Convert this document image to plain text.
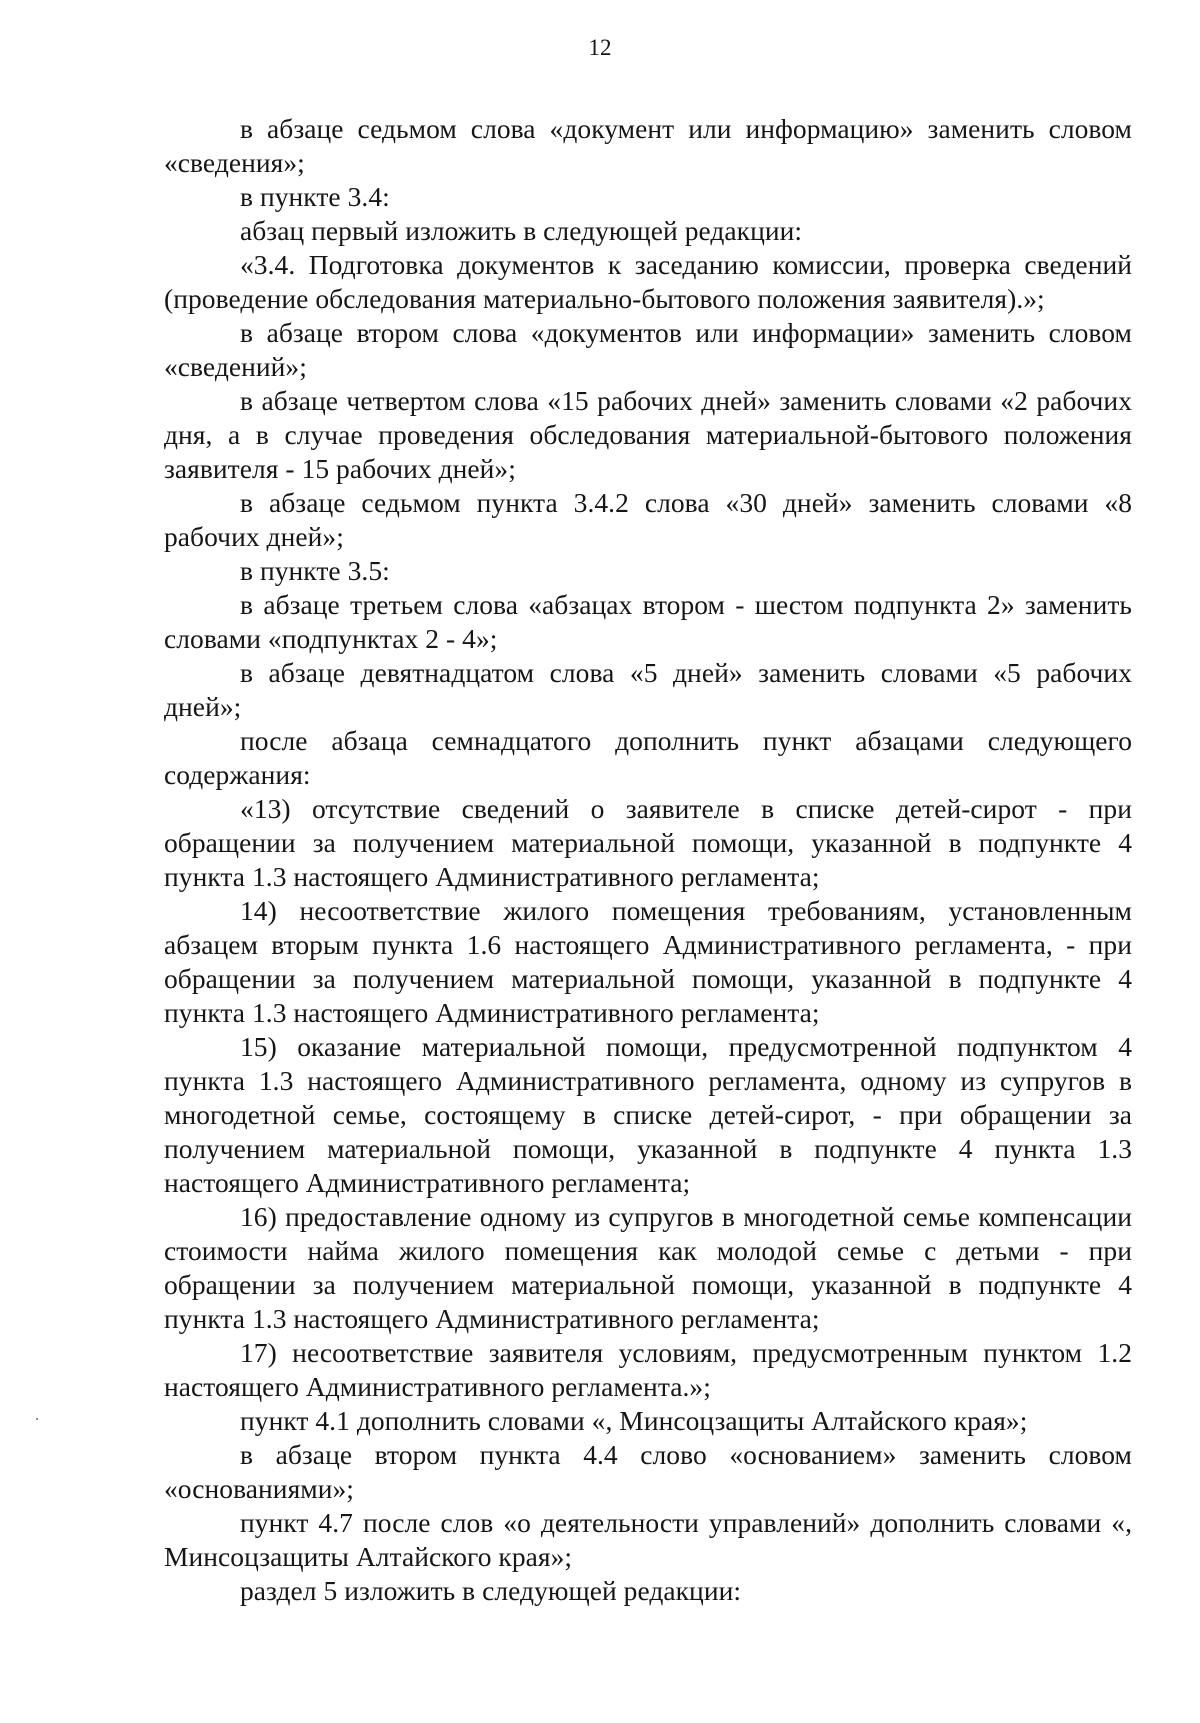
12

в абзаце седьмом слова «документ или информацию» заменить словом «сведения»;

в пункте 3.4:

абзац первый изложить в следующей редакции:

«3.4. Подготовка документов к заседанию комиссии, проверка сведений (проведение обследования материально-бытового положения заявителя).»;

в абзаце втором слова «документов или информации» заменить словом «сведений»;

в абзаце четвертом слова «15 рабочих дней» заменить словами «2 рабочих дня, а в случае проведения обследования материальной-бытового положения заявителя - 15 рабочих дней»;

в абзаце седьмом пункта 3.4.2 слова «30 дней» заменить словами «8 рабочих дней»;

в пункте 3.5:

в абзаце третьем слова «абзацах втором - шестом подпункта 2» заменить словами «подпунктах 2 - 4»;

в абзаце девятнадцатом слова «5 дней» заменить словами «5 рабочих дней»;

после абзаца семнадцатого дополнить пункт абзацами следующего содержания:

«13) отсутствие сведений о заявителе в списке детей-сирот - при обращении за получением материальной помощи, указанной в подпункте 4 пункта 1.3 настоящего Административного регламента;

14) несоответствие жилого помещения требованиям, установленным абзацем вторым пункта 1.6 настоящего Административного регламента, - при обращении за получением материальной помощи, указанной в подпункте 4 пункта 1.3 настоящего Административного регламента;

15) оказание материальной помощи, предусмотренной подпунктом 4 пункта 1.3 настоящего Административного регламента, одному из супругов в многодетной семье, состоящему в списке детей-сирот, - при обращении за получением материальной помощи, указанной в подпункте 4 пункта 1.3 настоящего Административного регламента;

16) предоставление одному из супругов в многодетной семье компенсации стоимости найма жилого помещения как молодой семье с детьми - при обращении за получением материальной помощи, указанной в подпункте 4 пункта 1.3 настоящего Административного регламента;

17) несоответствие заявителя условиям, предусмотренным пунктом 1.2 настоящего Административного регламента.»;

пункт 4.1 дополнить словами «, Минсоцзащиты Алтайского края»;

в абзаце втором пункта 4.4 слово «основанием» заменить словом «основаниями»;

пункт 4.7 после слов «о деятельности управлений» дополнить словами «, Минсоцзащиты Алтайского края»;

раздел 5 изложить в следующей редакции:
